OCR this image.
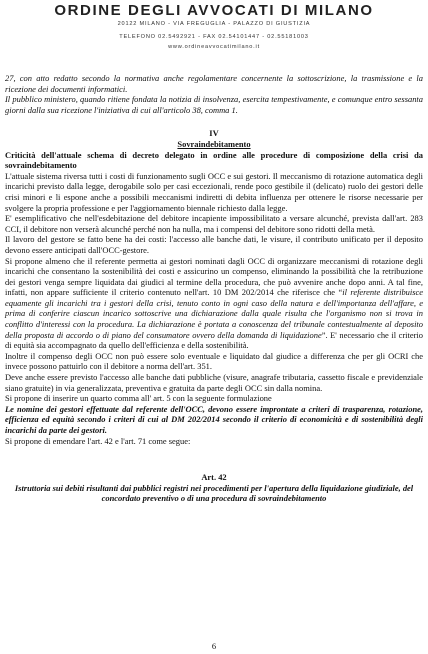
ORDINE DEGLI AVVOCATI DI MILANO
20122 MILANO - VIA FREGUGLIA - PALAZZO DI GIUSTIZIA
TELEFONO 02.5492921 - FAX 02.54101447 - 02.55181003
www.ordineavvocatimilano.it

27, con atto redatto secondo la normativa anche regolamentare concernente la sottoscrizione, la trasmissione e la ricezione dei documenti informatici.

Il pubblico ministero, quando ritiene fondata la notizia di insolvenza, esercita tempestivamente, e comunque entro sessanta giorni dalla sua ricezione l'iniziativa di cui all'articolo 38, comma 1.

IV

Sovraindebitamento

Criticità dell'attuale schema di decreto delegato in ordine alle procedure di composizione della crisi da sovraindebitamento

L'attuale sistema riversa tutti i costi di funzionamento sugli OCC e sui gestori. Il meccanismo di rotazione automatica degli incarichi previsto dalla legge, derogabile solo per casi eccezionali, rende poco gestibile il (delicato) ruolo dei gestori delle crisi minori e li espone anche a possibili meccanismi indiretti di debita influenza per ottenere le risorse necessarie per svolgere la propria professione e per l'aggiornamento biennale richiesto dalla legge.

E' esemplificativo che nell'esdebitazione del debitore incapiente impossibilitato a versare alcunché, prevista dall'art. 283 CCI, il debitore non verserà alcunché perché non ha nulla, ma i compensi del debitore sono ridotti della metà.

Il lavoro del gestore se fatto bene ha dei costi: l'accesso alle banche dati, le visure, il contributo unificato per il deposito devono essere anticipati dall'OCC-gestore.

Si propone almeno che il referente permetta ai gestori nominati dagli OCC di organizzare meccanismi di rotazione degli incarichi che consentano la sostenibilità dei costi e assicurino un compenso, eliminando la possibilità che la retribuzione dei gestori venga sempre liquidata dai giudici al termine della procedura, che può avvenire anche dopo anni. A tal fine, infatti, non appare sufficiente il criterio contenuto nell'art. 10 DM 202/2014 che riferisce che “il referente distribuisce equamente gli incarichi tra i gestori della crisi, tenuto conto in ogni caso della natura e dell'importanza dell'affare, e prima di conferire ciascun incarico sottoscrive una dichiarazione dalla quale risulta che l'organismo non si trova in conflitto d'interessi con la procedura. La dichiarazione è portata a conoscenza del tribunale contestualmente al deposito della proposta di accordo o di piano del consumatore ovvero della domanda di liquidazione”. E' necessario che il criterio di equità sia accompagnato da quello dell'efficienza e della sostenibilità.

Inoltre il compenso degli OCC non può essere solo eventuale e liquidato dal giudice a differenza che per gli OCRI che invece possono pattuirlo con il debitore a norma dell'art. 351.

Deve anche essere previsto l'accesso alle banche dati pubbliche (visure, anagrafe tributaria, cassetto fiscale e previdenziale siano gratuite) in via generalizzata, preventiva e gratuita da parte degli OCC sin dalla nomina.

Si propone di inserire un quarto comma all' art. 5 con la seguente formulazione

Le nomine dei gestori effettuate dal referente dell'OCC, devono essere improntate a criteri di trasparenza, rotazione, efficienza ed equità secondo i criteri di cui al DM 202/2014 secondo il criterio di economicità e di sostenibilità degli incarichi da parte dei gestori.

Si propone di emendare l'art. 42 e l'art. 71 come segue:

Art. 42

Istruttoria sui debiti risultanti dai pubblici registri nei procedimenti per l'apertura della liquidazione giudiziale, del concordato preventivo o di una procedura di sovraindebitamento

6
